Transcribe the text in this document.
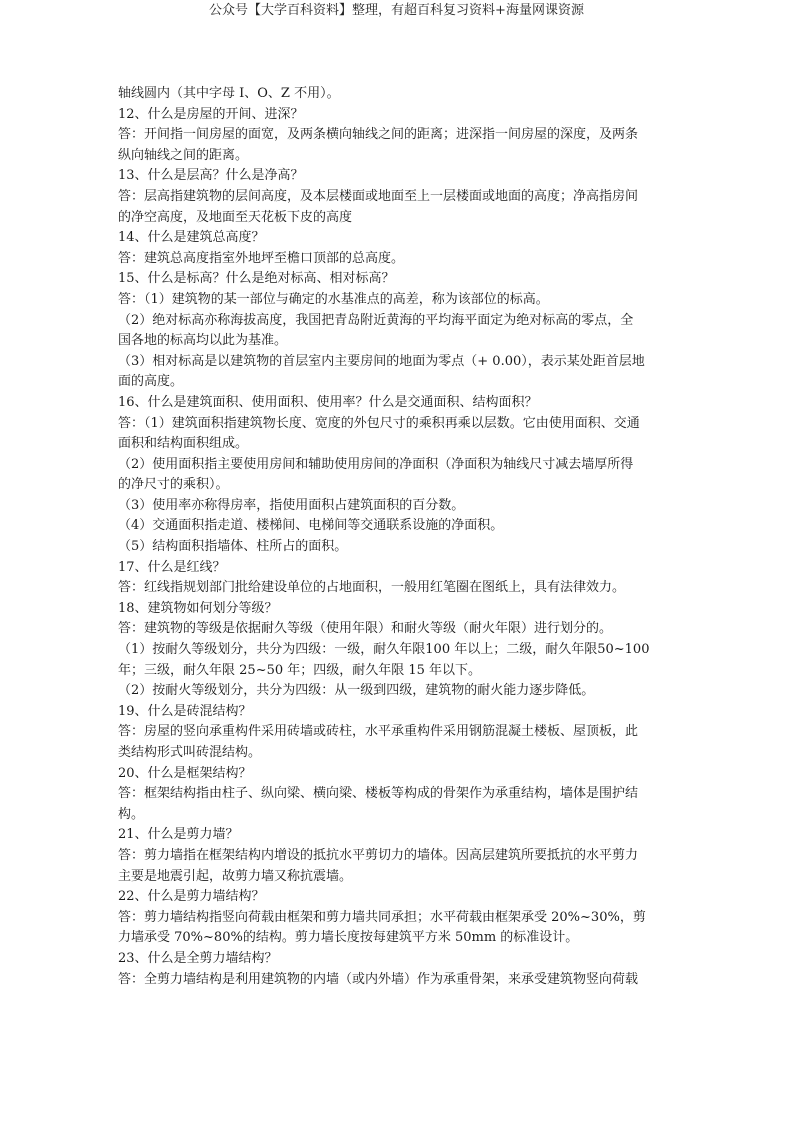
公众号【大学百科资料】整理，有超百科复习资料+海量网课资源
轴线圆内（其中字母 I、O、Z 不用）。
12、什么是房屋的开间、进深？
答：开间指一间房屋的面宽，及两条横向轴线之间的距离；进深指一间房屋的深度，及两条
纵向轴线之间的距离。
13、什么是层高？什么是净高？
答：层高指建筑物的层间高度，及本层楼面或地面至上一层楼面或地面的高度；净高指房间
的净空高度，及地面至天花板下皮的高度
14、什么是建筑总高度？
答：建筑总高度指室外地坪至檐口顶部的总高度。
15、什么是标高？什么是绝对标高、相对标高？
答：（1）建筑物的某一部位与确定的水基准点的高差，称为该部位的标高。
（2）绝对标高亦称海拔高度，我国把青岛附近黄海的平均海平面定为绝对标高的零点，全
国各地的标高均以此为基准。
（3）相对标高是以建筑物的首层室内主要房间的地面为零点（+ 0.00），表示某处距首层地
面的高度。
16、什么是建筑面积、使用面积、使用率？什么是交通面积、结构面积？
答：（1）建筑面积指建筑物长度、宽度的外包尺寸的乘积再乘以层数。它由使用面积、交通
面积和结构面积组成。
（2）使用面积指主要使用房间和辅助使用房间的净面积（净面积为轴线尺寸减去墙厚所得
的净尺寸的乘积）。
（3）使用率亦称得房率，指使用面积占建筑面积的百分数。
（4）交通面积指走道、楼梯间、电梯间等交通联系设施的净面积。
（5）结构面积指墙体、柱所占的面积。
17、什么是红线？
答：红线指规划部门批给建设单位的占地面积，一般用红笔圈在图纸上，具有法律效力。
18、建筑物如何划分等级？
答：建筑物的等级是依据耐久等级（使用年限）和耐火等级（耐火年限）进行划分的。
（1）按耐久等级划分，共分为四级：一级，耐久年限100 年以上；二级，耐久年限50~100
年；三级，耐久年限 25~50 年；四级，耐久年限 15 年以下。
（2）按耐火等级划分，共分为四级：从一级到四级，建筑物的耐火能力逐步降低。
19、什么是砖混结构？
答：房屋的竖向承重构件采用砖墙或砖柱，水平承重构件采用钢筋混凝土楼板、屋顶板，此
类结构形式叫砖混结构。
20、什么是框架结构？
答：框架结构指由柱子、纵向梁、横向梁、楼板等构成的骨架作为承重结构，墙体是围护结
构。
21、什么是剪力墙？
答：剪力墙指在框架结构内增设的抵抗水平剪切力的墙体。因高层建筑所要抵抗的水平剪力
主要是地震引起，故剪力墙又称抗震墙。
22、什么是剪力墙结构？
答：剪力墙结构指竖向荷载由框架和剪力墙共同承担；水平荷载由框架承受 20%~30%，剪
力墙承受 70%~80%的结构。剪力墙长度按每建筑平方米 50mm 的标准设计。
23、什么是全剪力墙结构？
答：全剪力墙结构是利用建筑物的内墙（或内外墙）作为承重骨架，来承受建筑物竖向荷载
